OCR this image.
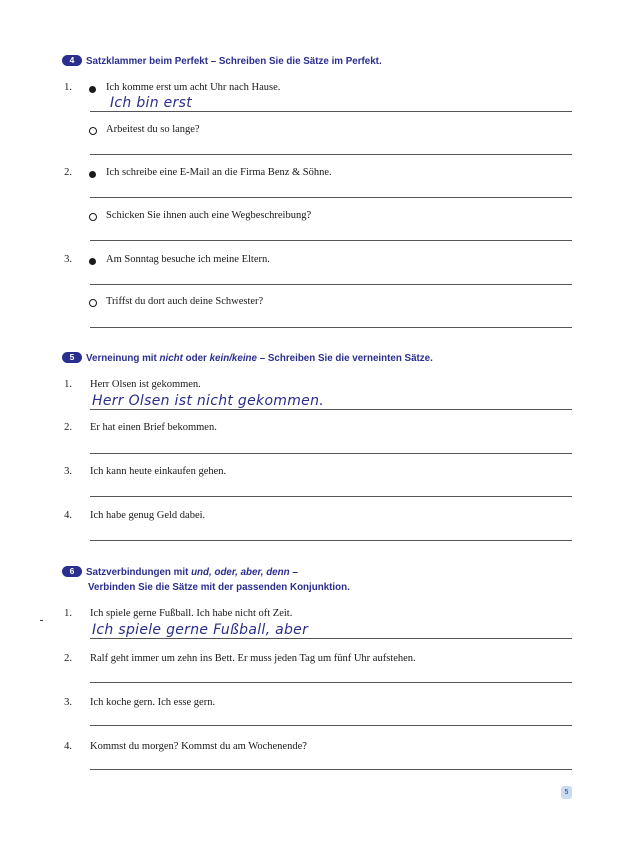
4 Satzklammer beim Perfekt – Schreiben Sie die Sätze im Perfekt.
1.	Ich komme erst um acht Uhr nach Hause.
Ich bin erst
Arbeitest du so lange?
2.	Ich schreibe eine E-Mail an die Firma Benz & Söhne.
Schicken Sie ihnen auch eine Wegbeschreibung?
3.	Am Sonntag besuche ich meine Eltern.
Triffst du dort auch deine Schwester?
5 Verneinung mit nicht oder kein/keine – Schreiben Sie die verneinten Sätze.
1. Herr Olsen ist gekommen.
Herr Olsen ist nicht gekommen.
2. Er hat einen Brief bekommen.
3. Ich kann heute einkaufen gehen.
4. Ich habe genug Geld dabei.
6 Satzverbindungen mit und, oder, aber, denn –
Verbinden Sie die Sätze mit der passenden Konjunktion.
1. Ich spiele gerne Fußball. Ich habe nicht oft Zeit.
Ich spiele gerne Fußball, aber
2. Ralf geht immer um zehn ins Bett. Er muss jeden Tag um fünf Uhr aufstehen.
3. Ich koche gern. Ich esse gern.
4. Kommst du morgen? Kommst du am Wochenende?
5
